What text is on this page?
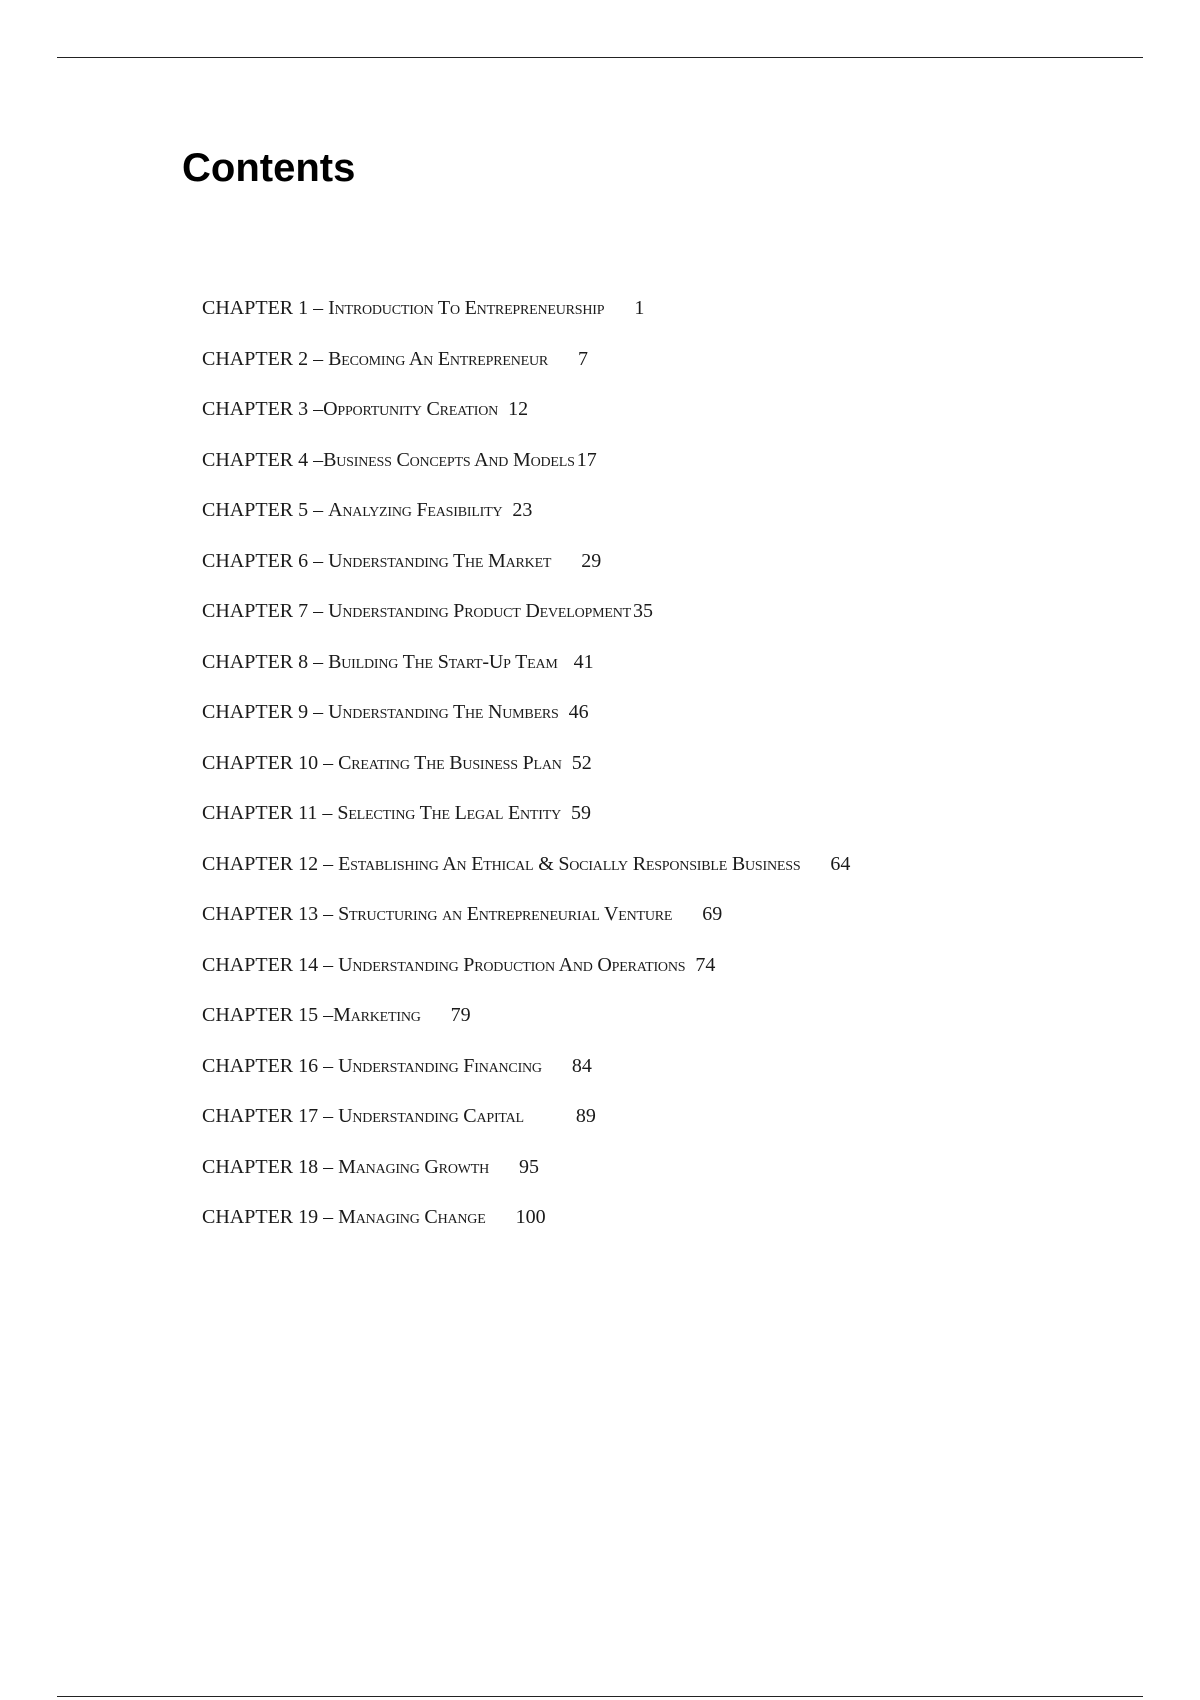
Contents
CHAPTER 1 – Introduction To Entrepreneurship 1
CHAPTER 2 – Becoming An Entrepreneur 7
CHAPTER 3 –Opportunity Creation 12
CHAPTER 4 –Business Concepts And Models 17
CHAPTER 5 – Analyzing Feasibility 23
CHAPTER 6 – Understanding The Market 29
CHAPTER 7 – Understanding Product Development 35
CHAPTER 8 – Building The Start-Up Team 41
CHAPTER 9 – Understanding The Numbers 46
CHAPTER 10 – Creating The Business Plan 52
CHAPTER 11 – Selecting The Legal Entity 59
CHAPTER 12 – Establishing An Ethical & Socially Responsible Business 64
CHAPTER 13 – Structuring an Entrepreneurial Venture 69
CHAPTER 14 – Understanding Production And Operations 74
CHAPTER 15 –Marketing 79
CHAPTER 16 – Understanding Financing 84
CHAPTER 17 – Understanding Capital	89
CHAPTER 18 – Managing Growth 95
CHAPTER 19 – Managing Change 100
